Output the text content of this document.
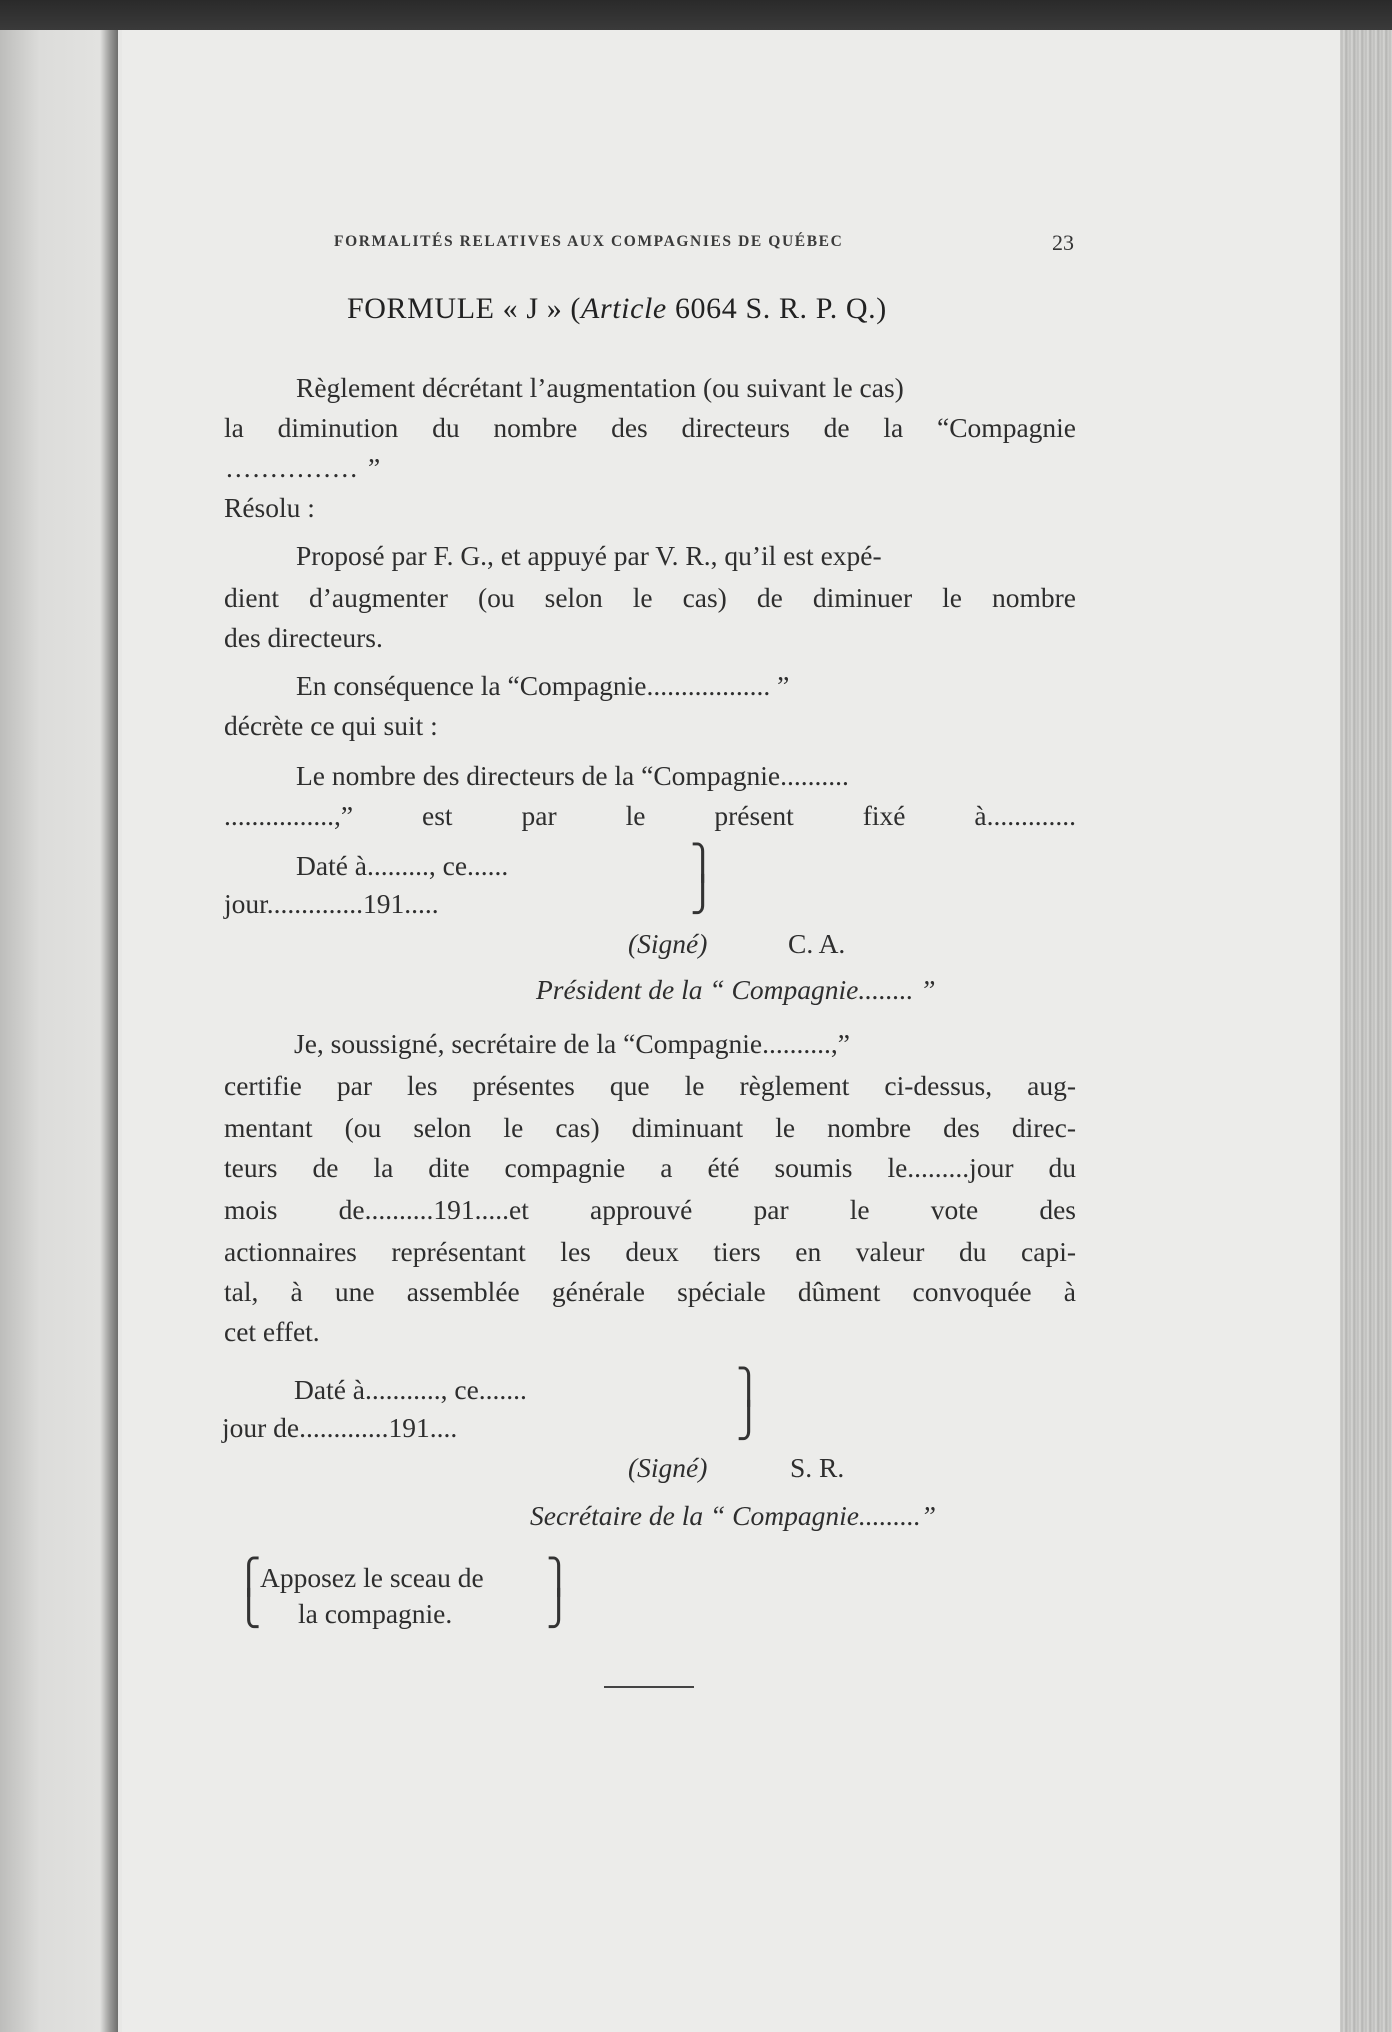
FORMALITÉS RELATIVES AUX COMPAGNIES DE QUÉBEC	23
FORMULE « J » (Article 6064 S. R. P. Q.)
Règlement décrétant l’augmentation (ou suivant le cas)
la diminution du nombre des directeurs de la “Compagnie
............... ”
Résolu :
Proposé par F. G., et appuyé par V. R., qu’il est expé-
dient d’augmenter (ou selon le cas) de diminuer le nombre
des directeurs.
En conséquence la “Compagnie.................. ”
décrète ce qui suit :
Le nombre des directeurs de la “Compagnie..........
................,” est par le présent fixé à.............
Daté à........., ce......
jour..............191.....
⎫
⎭
(Signé)	C. A.
Président de la “ Compagnie........ ”
Je, soussigné, secrétaire de la “Compagnie..........,”
certifie par les présentes que le règlement ci-dessus, aug-
mentant (ou selon le cas) diminuant le nombre des direc-
teurs de la dite compagnie a été soumis le.........jour du
mois de..........191.....et approuvé par le vote des
actionnaires représentant les deux tiers en valeur du capi-
tal, à une assemblée générale spéciale dûment convoquée à
cet effet.
Daté à..........., ce.......
jour de.............191....
⎫
⎭
(Signé)	S. R.
Secrétaire de la “ Compagnie.........”
⎧
⎩
Apposez le sceau de
la compagnie.
⎫
⎭
